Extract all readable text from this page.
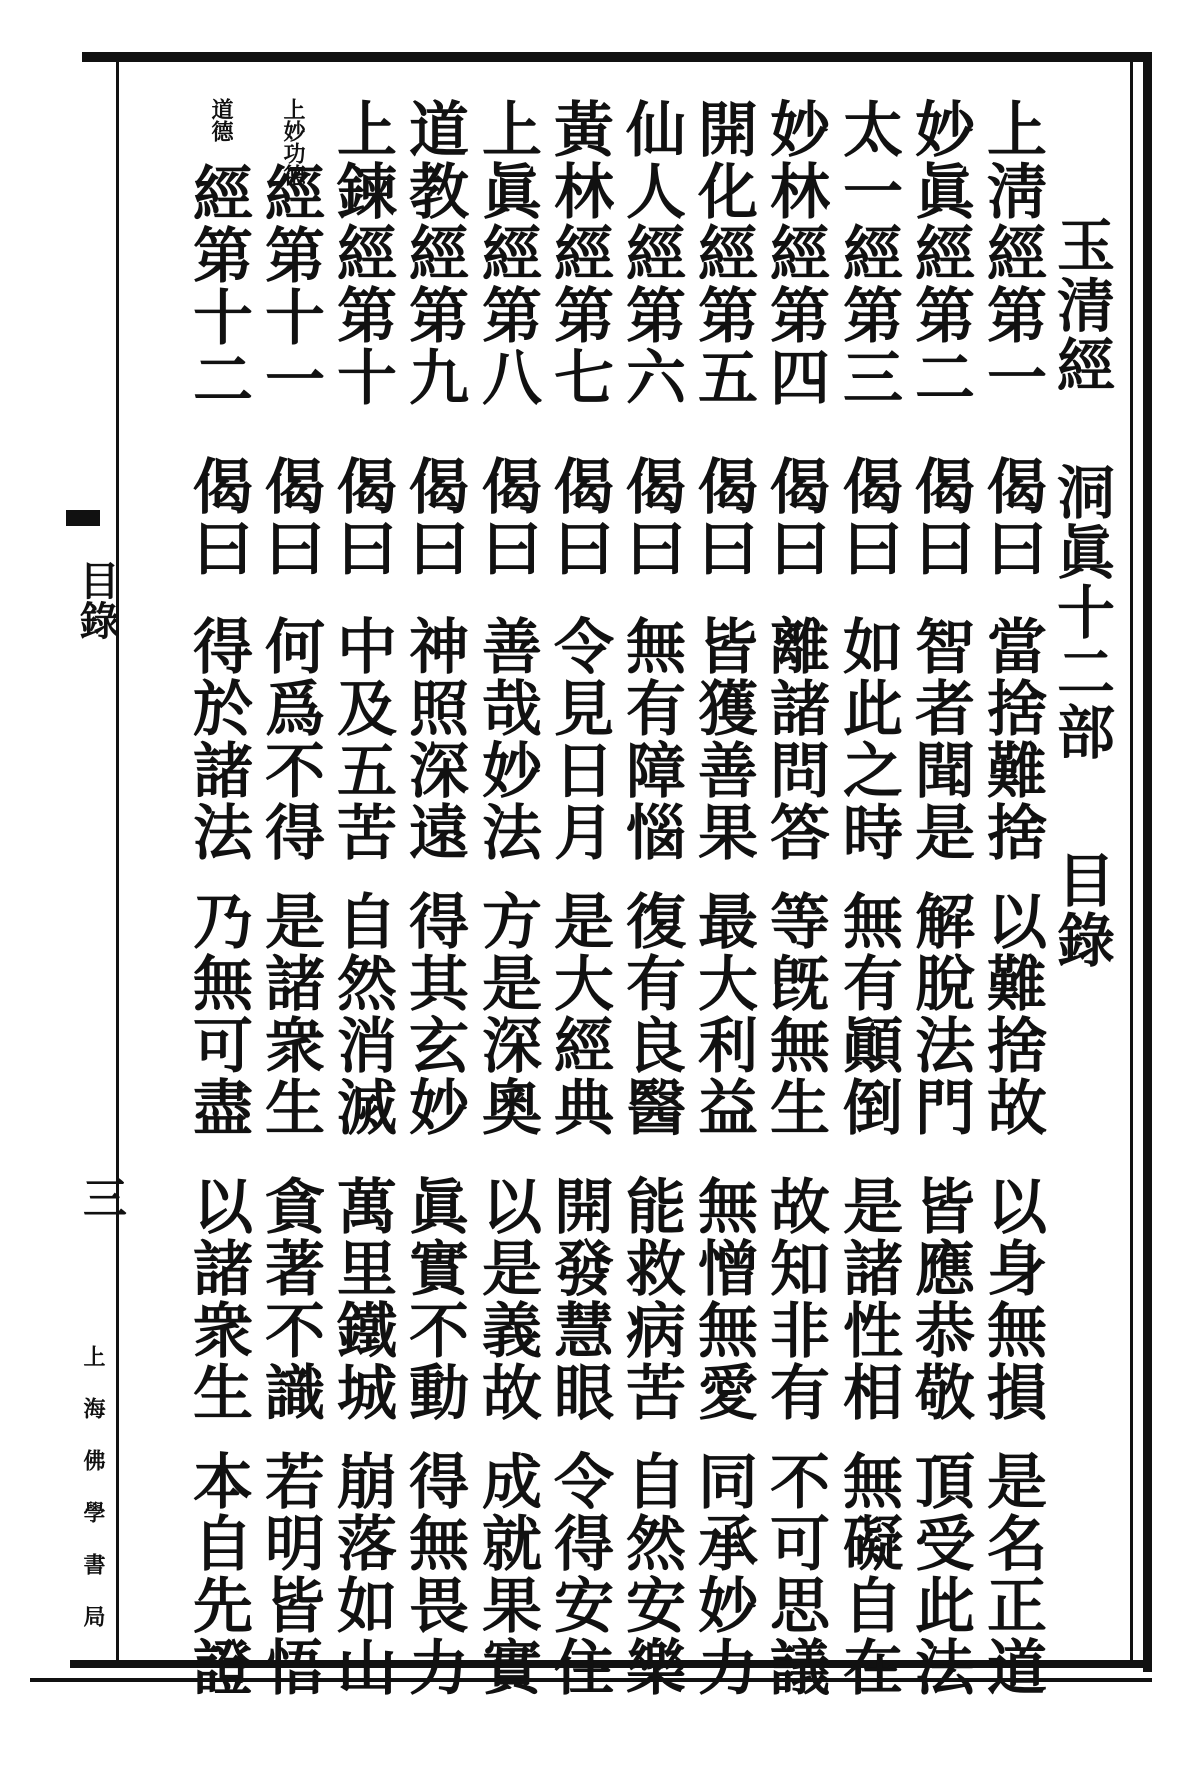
玉清經
洞眞十二部
目錄
上淸經第一
偈曰
當捨難捨
以難捨故
以身無損
是名正道
妙眞經第二
偈曰
智者聞是
解脫法門
皆應恭敬
頂受此法
太一經第三
偈曰
如此之時
無有顚倒
是諸性相
無礙自在
妙林經第四
偈曰
離諸問答
等旣無生
故知非有
不可思議
開化經第五
偈曰
皆獲善果
最大利益
無憎無愛
同承妙力
仙人經第六
偈曰
無有障惱
復有良醫
能救病苦
自然安樂
黃林經第七
偈曰
令見日月
是大經典
開發慧眼
令得安住
上眞經第八
偈曰
善哉妙法
方是深奧
以是義故
成就果實
道教經第九
偈曰
神照深遠
得其玄妙
眞實不動
得無畏力
上鍊經第十
偈曰
中及五苦
自然消滅
萬里鐵城
崩落如山
上妙功德
經第十一
偈曰
何爲不得
是諸衆生
貪著不識
若明皆悟
道德
經第十二
偈曰
得於諸法
乃無可盡
以諸衆生
本自先證
目錄
三
上海佛學書局
